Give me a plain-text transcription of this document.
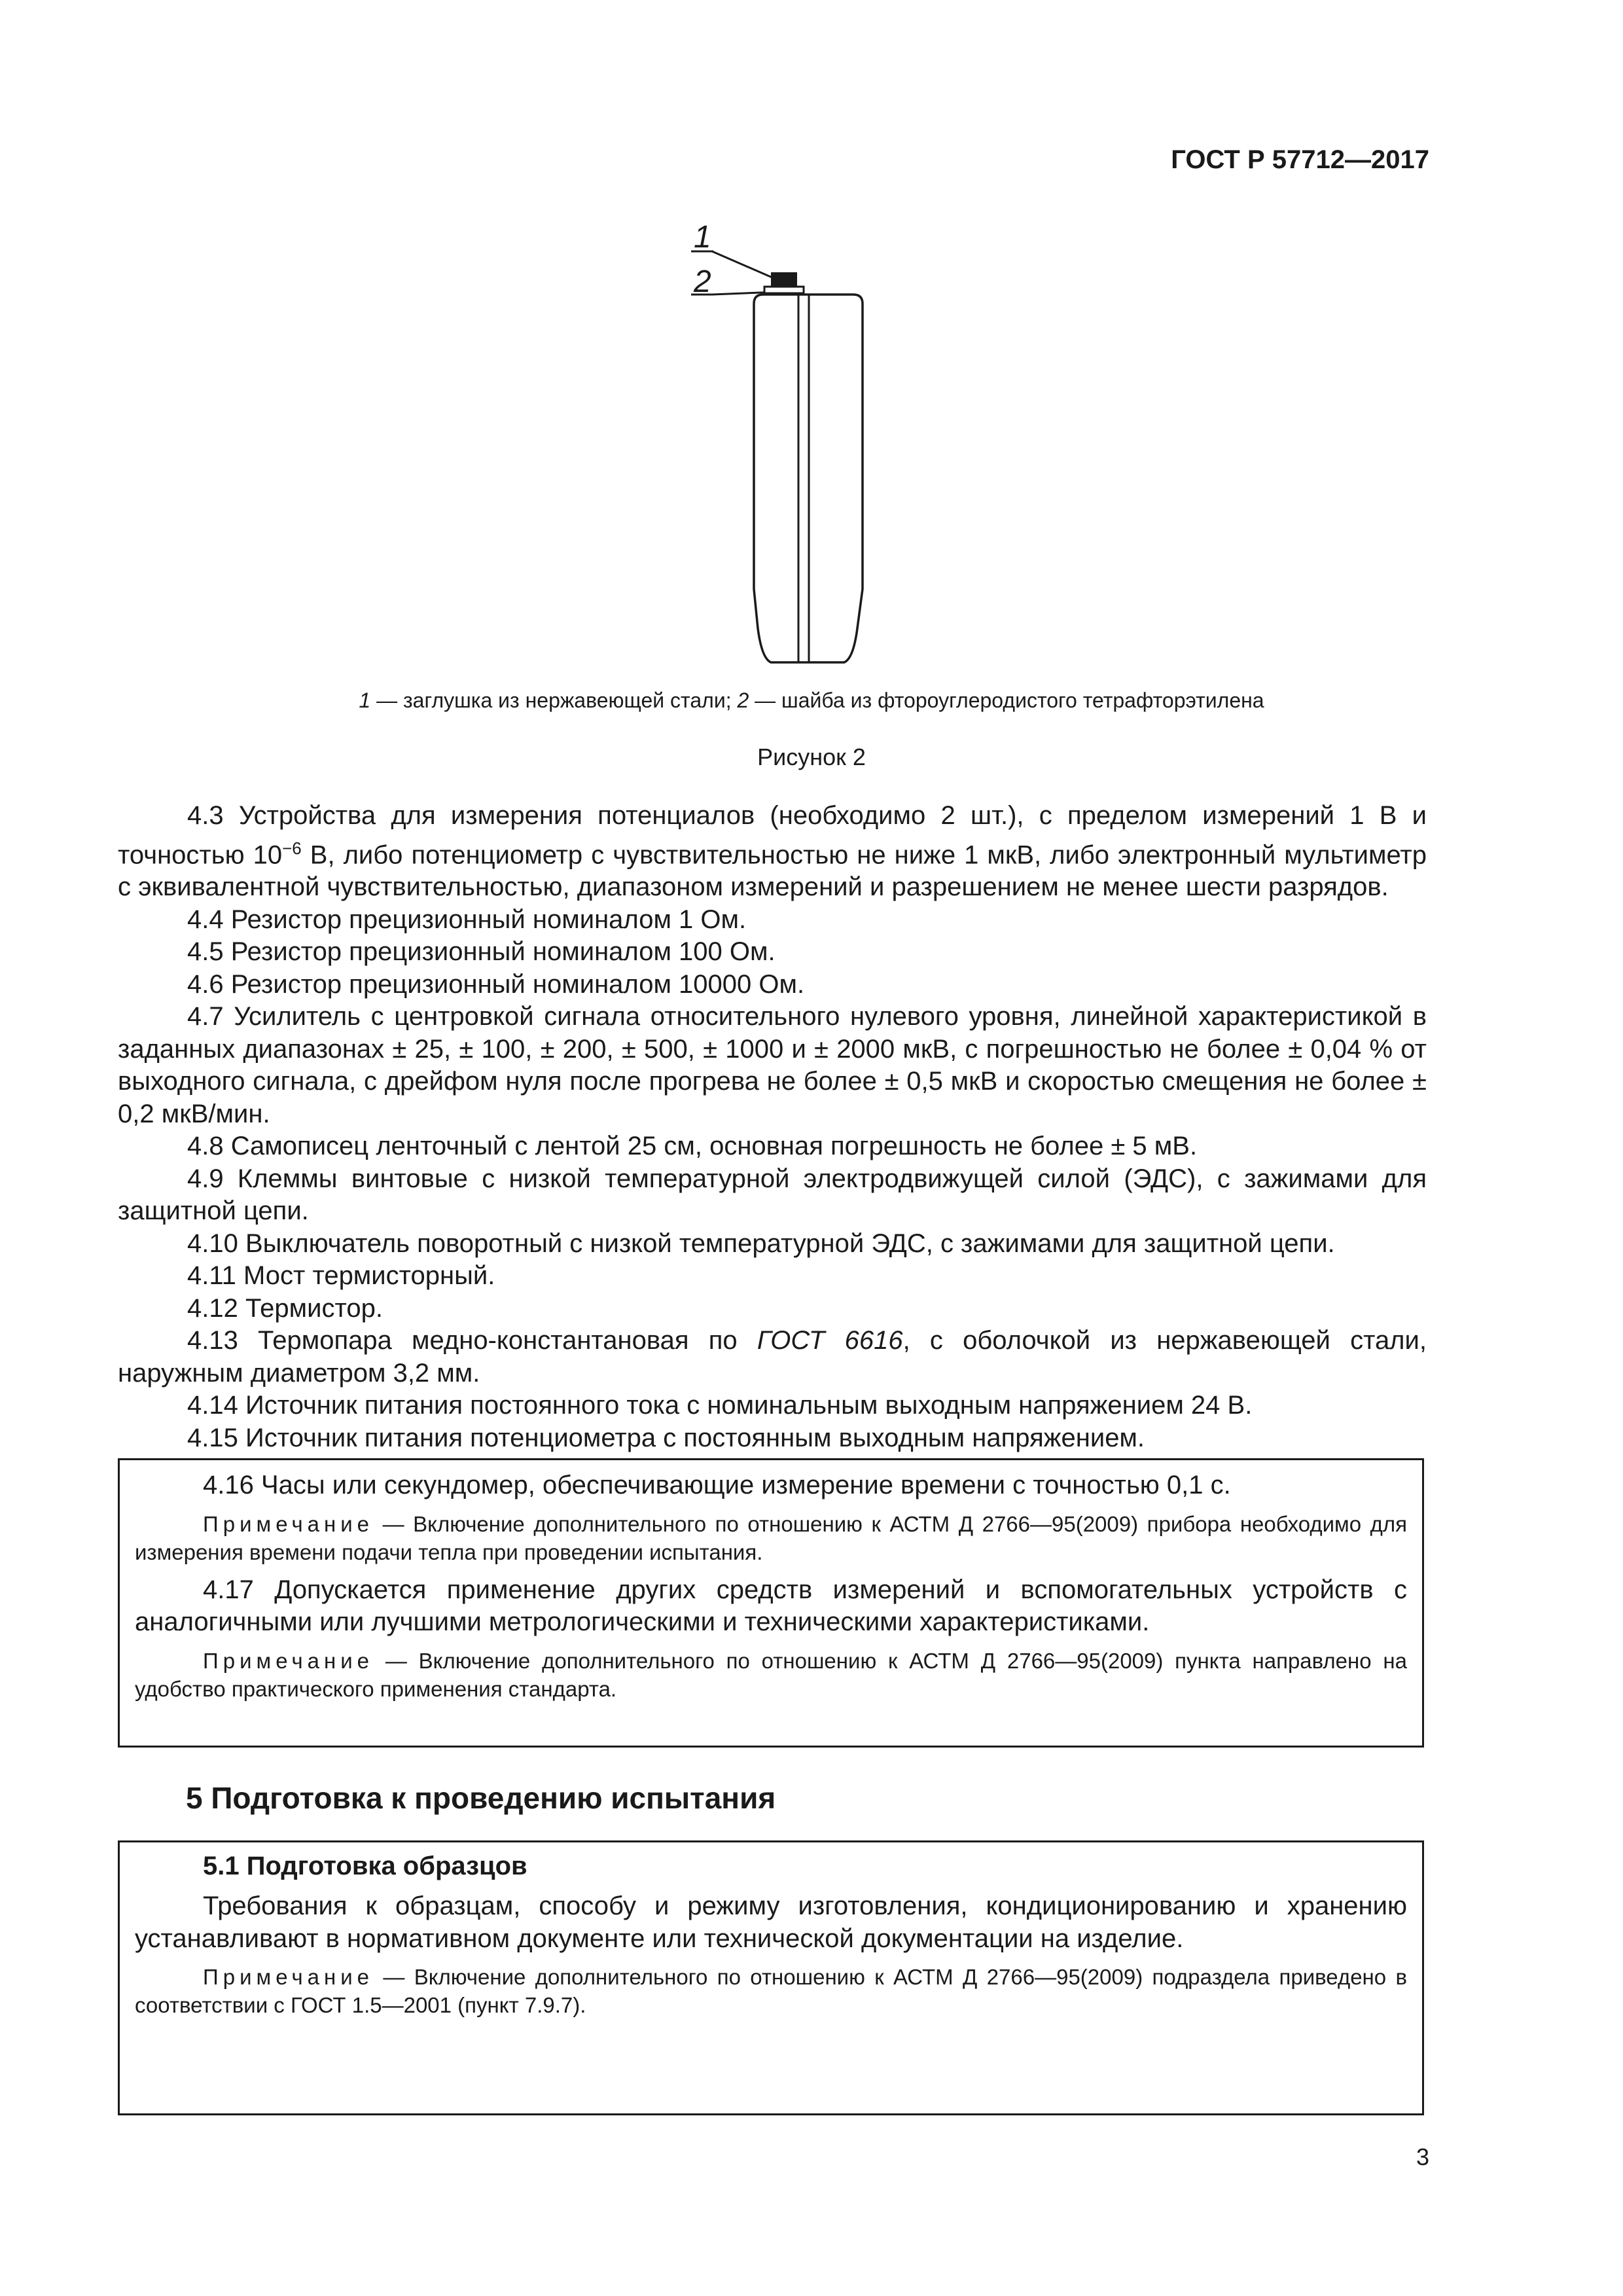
ГОСТ Р 57712—2017
1
2
1 — заглушка из нержавеющей стали; 2 — шайба из фтороуглеродистого тетрафторэтилена
Рисунок 2

4.3 Устройства для измерения потенциалов (необходимо 2 шт.), с пределом измерений 1 В и точностью $10^{-6}$ В, либо потенциометр с чувствительностью не ниже 1 мкВ, либо электронный мультиметр с эквивалентной чувствительностью, диапазоном измерений и разрешением не менее шести разрядов.

4.4 Резистор прецизионный номиналом 1 Ом.

4.5 Резистор прецизионный номиналом 100 Ом.

4.6 Резистор прецизионный номиналом 10000 Ом.

4.7 Усилитель с центровкой сигнала относительного нулевого уровня, линейной характеристикой в заданных диапазонах ± 25, ± 100, ± 200, ± 500, ± 1000 и ± 2000 мкВ, с погрешностью не более ± 0,04 % от выходного сигнала, с дрейфом нуля после прогрева не более ± 0,5 мкВ и скоростью смещения не более ± 0,2 мкВ/мин.

4.8 Самописец ленточный с лентой 25 см, основная погрешность не более ± 5 мВ.

4.9 Клеммы винтовые с низкой температурной электродвижущей силой (ЭДС), с зажимами для защитной цепи.

4.10 Выключатель поворотный с низкой температурной ЭДС, с зажимами для защитной цепи.

4.11 Мост термисторный.

4.12 Термистор.

4.13 Термопара медно-константановая по ГОСТ 6616, с оболочкой из нержавеющей стали, наружным диаметром 3,2 мм.

4.14 Источник питания постоянного тока с номинальным выходным напряжением 24 В.

4.15 Источник питания потенциометра с постоянным выходным напряжением.

4.16 Часы или секундомер, обеспечивающие измерение времени с точностью 0,1 с.

Примечание — Включение дополнительного по отношению к АСТМ Д 2766—95(2009) прибора необходимо для измерения времени подачи тепла при проведении испытания.

4.17 Допускается применение других средств измерений и вспомогательных устройств с аналогичными или лучшими метрологическими и техническими характеристиками.

Примечание — Включение дополнительного по отношению к АСТМ Д 2766—95(2009) пункта направлено на удобство практического применения стандарта.

5 Подготовка к проведению испытания

5.1 Подготовка образцов

Требования к образцам, способу и режиму изготовления, кондиционированию и хранению устанавливают в нормативном документе или технической документации на изделие.

Примечание — Включение дополнительного по отношению к АСТМ Д 2766—95(2009) подраздела приведено в соответствии с ГОСТ 1.5—2001 (пункт 7.9.7).

3
